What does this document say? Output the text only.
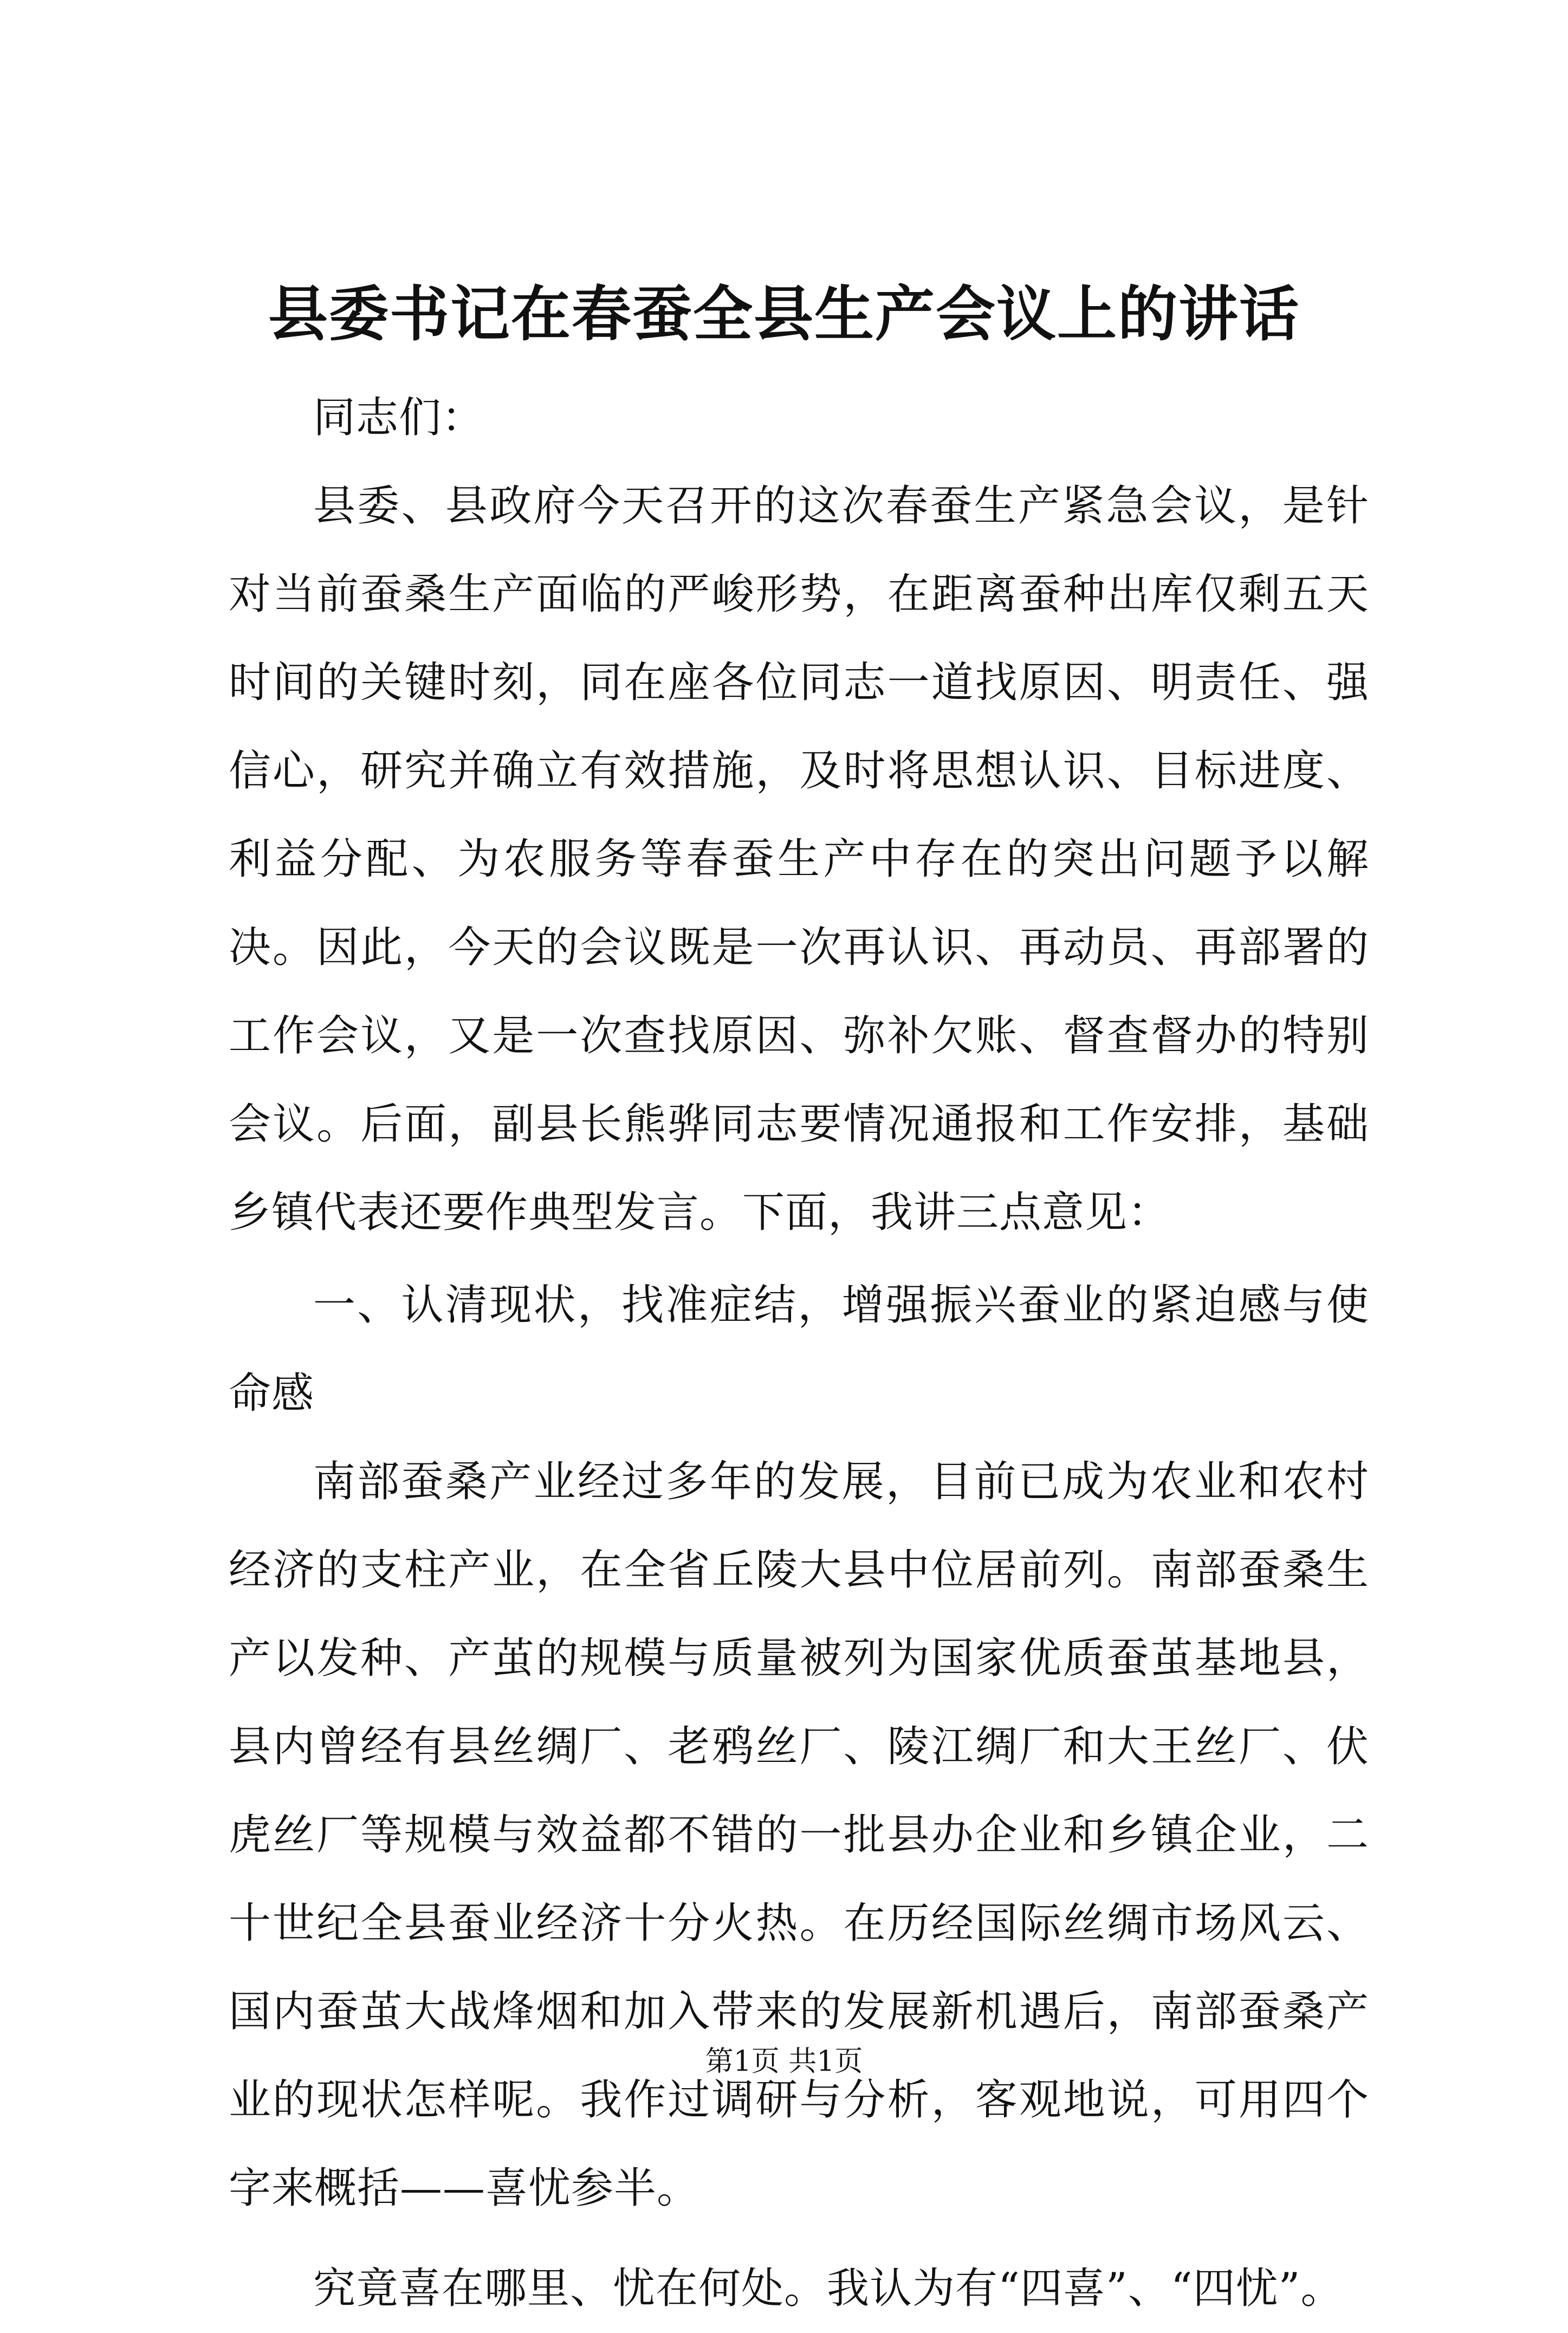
县委书记在春蚕全县生产会议上的讲话

同志们：

县委、县政府今天召开的这次春蚕生产紧急会议，是针对当前蚕桑生产面临的严峻形势，在距离蚕种出库仅剩五天时间的关键时刻，同在座各位同志一道找原因、明责任、强信心，研究并确立有效措施，及时将思想认识、目标进度、利益分配、为农服务等春蚕生产中存在的突出问题予以解决。因此，今天的会议既是一次再认识、再动员、再部署的工作会议，又是一次查找原因、弥补欠账、督查督办的特别会议。后面，副县长熊骅同志要情况通报和工作安排，基础乡镇代表还要作典型发言。下面，我讲三点意见：

一、认清现状，找准症结，增强振兴蚕业的紧迫感与使命感

南部蚕桑产业经过多年的发展，目前已成为农业和农村经济的支柱产业，在全省丘陵大县中位居前列。南部蚕桑生产以发种、产茧的规模与质量被列为国家优质蚕茧基地县，县内曾经有县丝绸厂、老鸦丝厂、陵江绸厂和大王丝厂、伏虎丝厂等规模与效益都不错的一批县办企业和乡镇企业，二十世纪全县蚕业经济十分火热。在历经国际丝绸市场风云、国内蚕茧大战烽烟和加入带来的发展新机遇后，南部蚕桑产业的现状怎样呢。我作过调研与分析，客观地说，可用四个字来概括——喜忧参半。

究竟喜在哪里、忧在何处。我认为有“四喜”、“四忧”。

第1页 共1页
